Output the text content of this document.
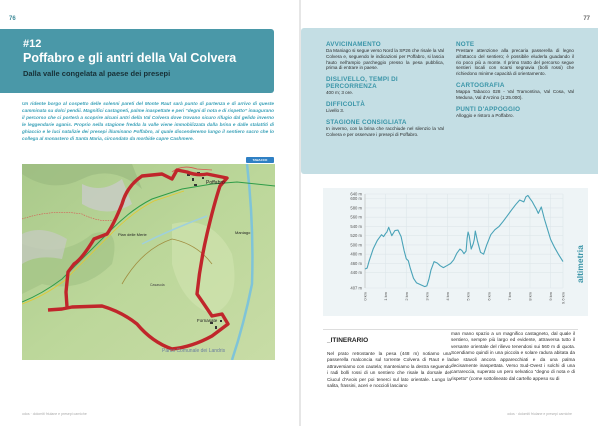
76
#12
Poffabro e gli antri della Val Colvera
Dalla valle congelata al paese dei presepi
Un ridente borgo al cospetto delle solenni pareti del Monte Raut sarà punto di partenza e di arrivo di queste camminata su dolci pendii. Magnifici castagneti, palme inaspettate e peri “degni di nota e di rispetto” inaugurano il percorso che ci porterà a scoprire alcuni antri della Val Colvera dove trovano sicuro rifugio dal gelido inverno le leggendarie aganis. Proprio nella stagione fredda la valle viene immobilizzata dalla brina e dalle stalattiti di ghiaccio e le luci natalizie dei presepi illuminano Poffabro, al quale discenderemo lungo il sentiero sacro che lo collega al monastero di Santa Maria, circondato da morbide capre Cashmere.
TABACCO
Poffabro
Pian delle Merie
Fornasate
Parco Comunale dei Landris
Casasola
Maniago
odos · dolomiti friulane e presepi carniche
77
AVVICINAMENTO
Da Maniago si segue verso Nord la SP26 che risale la Val Colvera e, seguendo le indicazioni per Poffabro, si lascia l'auto nell'ampio parcheggio presso la pesa pubblica, prima di entrare in paese.
DISLIVELLO, TEMPI DI PERCORRENZA
400 m; 3 ore.
DIFFICOLTÀ
Livello 3.
STAGIONE CONSIGLIATA
In inverno, con la brina che racchiude nel silenzio la Val Colvera e per osservare i presepi di Poffabro.
NOTE
Prestare attenzione alla precaria passerella di legno all'attacco del sentiero; è possibile eluderla guadando il rio poco più a monte. Il primo tratto del percorso segue sentieri locali con scarsi segnavia (bolli rossi) che richiedono minime capacità di orientamento.
CARTOGRAFIA
Mappa Tabacco 028 - Val Tramontina, Val Cosa, Val Meduna, Val d'Arzino (1:25.000).
PUNTI D'APPOGGIO
Alloggio e ristoro a Poffabro.
407 m
440 m
460 m
480 m
500 m
520 m
540 m
560 m
580 m
600 m
640 m
0 km	1 km	2 km	3 km	4 km	5 km	6 km	7 km	8 km	9 km 9.6 km
altimetria
_ITINERARIO
Nel prato retrostante la pesa (448 m) notiamo una passerella malconcia sul torrente Colvera di Raut e la attraversiamo con cautela; manteniamo la destra seguendo i radi bolli rossi di un sentiero che risale la dorsale del Ciucul d'Avois per poi tenerci sul lato orientale. Lungo la salita, frassini, aceri e noccioli lasciano
man mano spazio a un magnifico castagneto, dal quale il sentiero, sempre più largo ed evidente, attraversa tutto il versante orientale del rilievo tenendosi sui 560 m di quota. Scendiamo quindi in una piccola e solare radura abitata da due stavoli ancora apparecchiati e da una palma decisamente inaspettata. Verso Sud-Ovest i solchi di una carrareccia, superato un pero selvatico “degno di nota e di rispetto” (come sottolineato dal cartello appeso su di
odos · dolomiti friulane e presepi carniche
